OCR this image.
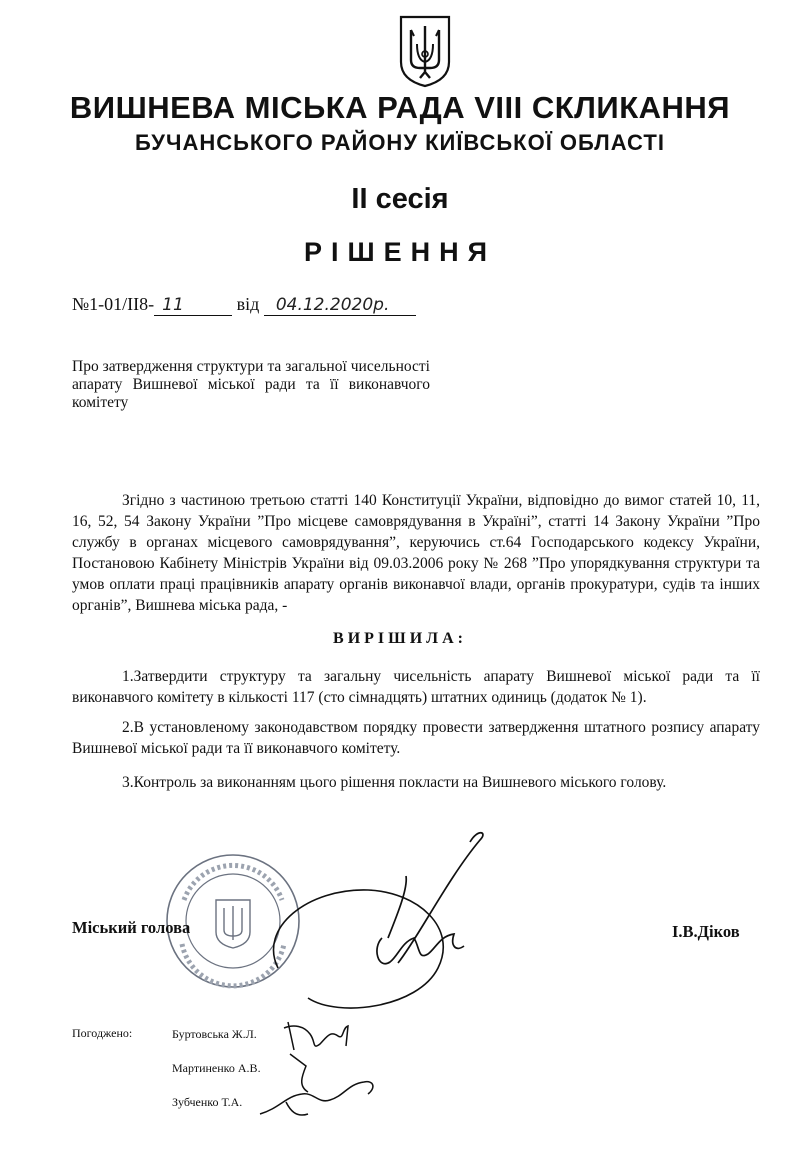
ВИШНЕВА МІСЬКА РАДА VIII СКЛИКАННЯ
БУЧАНСЬКОГО РАЙОНУ КИЇВСЬКОЇ ОБЛАСТІ
ІІ сесія
РІШЕННЯ
№1-01/ІІ8- 11	від 04.12.2020р.

Про затвердження структури та загальної чисельності апарату Вишневої міської ради та її виконавчого комітету

Згідно з частиною третьою статті 140 Конституції України, відповідно до вимог статей 10, 11, 16, 52, 54 Закону України ”Про місцеве самоврядування в Україні”, статті 14 Закону України ”Про службу в органах місцевого самоврядування”, керуючись ст.64 Господарського кодексу України, Постановою Кабінету Міністрів України від 09.03.2006 року № 268 ”Про упорядкування структури та умов оплати праці працівників апарату органів виконавчої влади, органів прокуратури, судів та інших органів”, Вишнева міська рада, -

ВИРІШИЛА:

1.Затвердити структуру та загальну чисельність апарату Вишневої міської ради та її виконавчого комітету в кількості 117 (сто сімнадцять) штатних одиниць (додаток № 1).

2.В установленому законодавством порядку провести затвердження штатного розпису апарату Вишневої міської ради та її виконавчого комітету.

3.Контроль за виконанням цього рішення покласти на Вишневого міського голову.

Міський голова	І.В.Діков

Погоджено:	Буртовська Ж.Л.

Мартиненко А.В.

Зубченко Т.А.
